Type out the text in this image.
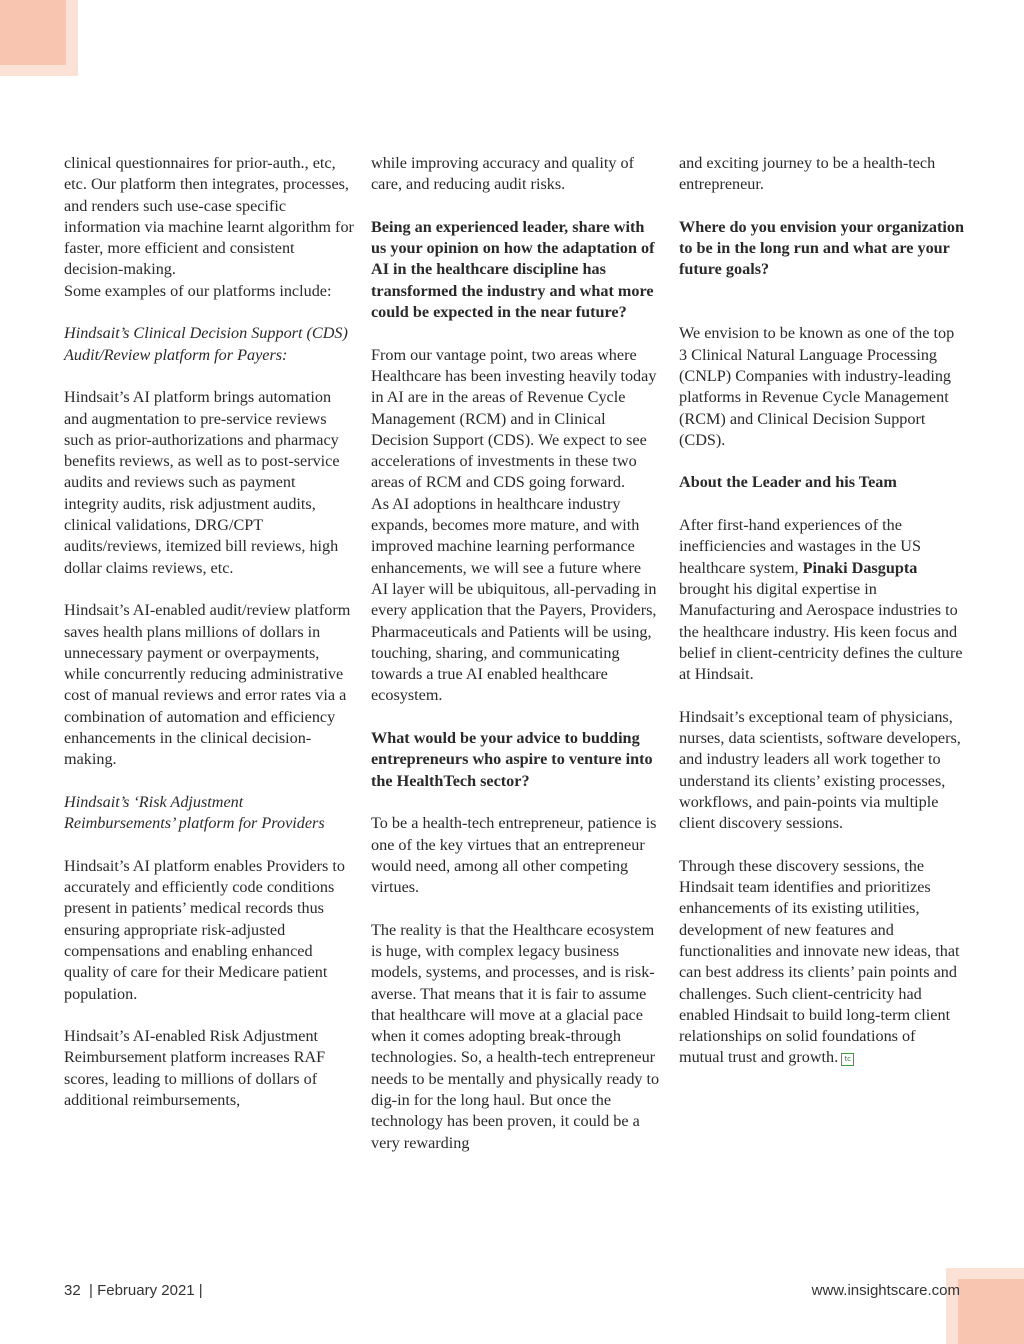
clinical questionnaires for prior-auth., etc, etc. Our platform then integrates, processes, and renders such use-case specific information via machine learnt algorithm for faster, more efficient and consistent decision-making.

Some examples of our platforms include:

Hindsait’s Clinical Decision Support (CDS) Audit/Review platform for Payers:

Hindsait’s AI platform brings automation and augmentation to pre-service reviews such as prior-authorizations and pharmacy benefits reviews, as well as to post-service audits and reviews such as payment integrity audits, risk adjustment audits, clinical validations, DRG/CPT audits/reviews, itemized bill reviews, high dollar claims reviews, etc.

Hindsait’s AI-enabled audit/review platform saves health plans millions of dollars in unnecessary payment or overpayments, while concurrently reducing administrative cost of manual reviews and error rates via a combination of automation and efficiency enhancements in the clinical decision-making.

Hindsait’s ‘Risk Adjustment Reimbursements’ platform for Providers

Hindsait’s AI platform enables Providers to accurately and efficiently code conditions present in patients’ medical records thus ensuring appropriate risk-adjusted compensations and enabling enhanced quality of care for their Medicare patient population.

Hindsait’s AI-enabled Risk Adjustment Reimbursement platform increases RAF scores, leading to millions of dollars of additional reimbursements,

while improving accuracy and quality of care, and reducing audit risks.

Being an experienced leader, share with us your opinion on how the adaptation of AI in the healthcare discipline has transformed the industry and what more could be expected in the near future?

From our vantage point, two areas where Healthcare has been investing heavily today in AI are in the areas of Revenue Cycle Management (RCM) and in Clinical Decision Support (CDS). We expect to see accelerations of investments in these two areas of RCM and CDS going forward.

As AI adoptions in healthcare industry expands, becomes more mature, and with improved machine learning performance enhancements, we will see a future where AI layer will be ubiquitous, all-pervading in every application that the Payers, Providers, Pharmaceuticals and Patients will be using, touching, sharing, and communicating towards a true AI enabled healthcare ecosystem.

What would be your advice to budding entrepreneurs who aspire to venture into the HealthTech sector?

To be a health-tech entrepreneur, patience is one of the key virtues that an entrepreneur would need, among all other competing virtues.

The reality is that the Healthcare ecosystem is huge, with complex legacy business models, systems, and processes, and is risk-averse. That means that it is fair to assume that healthcare will move at a glacial pace when it comes adopting break-through technologies. So, a health-tech entrepreneur needs to be mentally and physically ready to dig-in for the long haul. But once the technology has been proven, it could be a very rewarding

and exciting journey to be a health-tech entrepreneur.

Where do you envision your organization to be in the long run and what are your future goals?

We envision to be known as one of the top 3 Clinical Natural Language Processing (CNLP) Companies with industry-leading platforms in Revenue Cycle Management (RCM) and Clinical Decision Support (CDS).

About the Leader and his Team

After first-hand experiences of the inefficiencies and wastages in the US healthcare system, Pinaki Dasgupta brought his digital expertise in Manufacturing and Aerospace industries to the healthcare industry. His keen focus and belief in client-centricity defines the culture at Hindsait.

Hindsait’s exceptional team of physicians, nurses, data scientists, software developers, and industry leaders all work together to understand its clients’ existing processes, workflows, and pain-points via multiple client discovery sessions.

Through these discovery sessions, the Hindsait team identifies and prioritizes enhancements of its existing utilities, development of new features and functionalities and innovate new ideas, that can best address its clients’ pain points and challenges. Such client-centricity had enabled Hindsait to build long-term client relationships on solid foundations of mutual trust and growth. tc

32  | February 2021 |	www.insightscare.com
